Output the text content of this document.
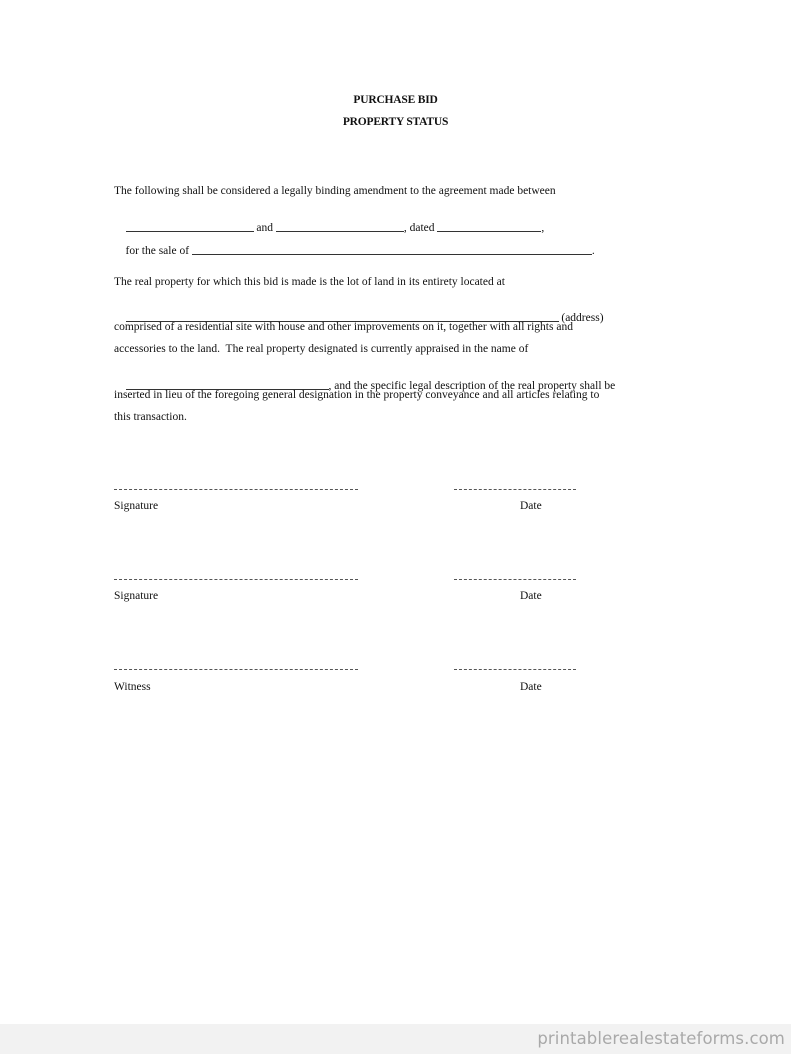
PURCHASE BID
PROPERTY STATUS
The following shall be considered a legally binding amendment to the agreement made between

and	, dated	,

for the sale of	.

The real property for which this bid is made is the lot of land in its entirety located at

(address)

comprised of a residential site with house and other improvements on it, together with all rights and
accessories to the land.  The real property designated is currently appraised in the name of

, and the specific legal description of the real property shall be

inserted in lieu of the foregoing general designation in the property conveyance and all articles relating to
this transaction.
Signature	Date
Signature	Date
Witness	Date
printablerealestateforms.com
